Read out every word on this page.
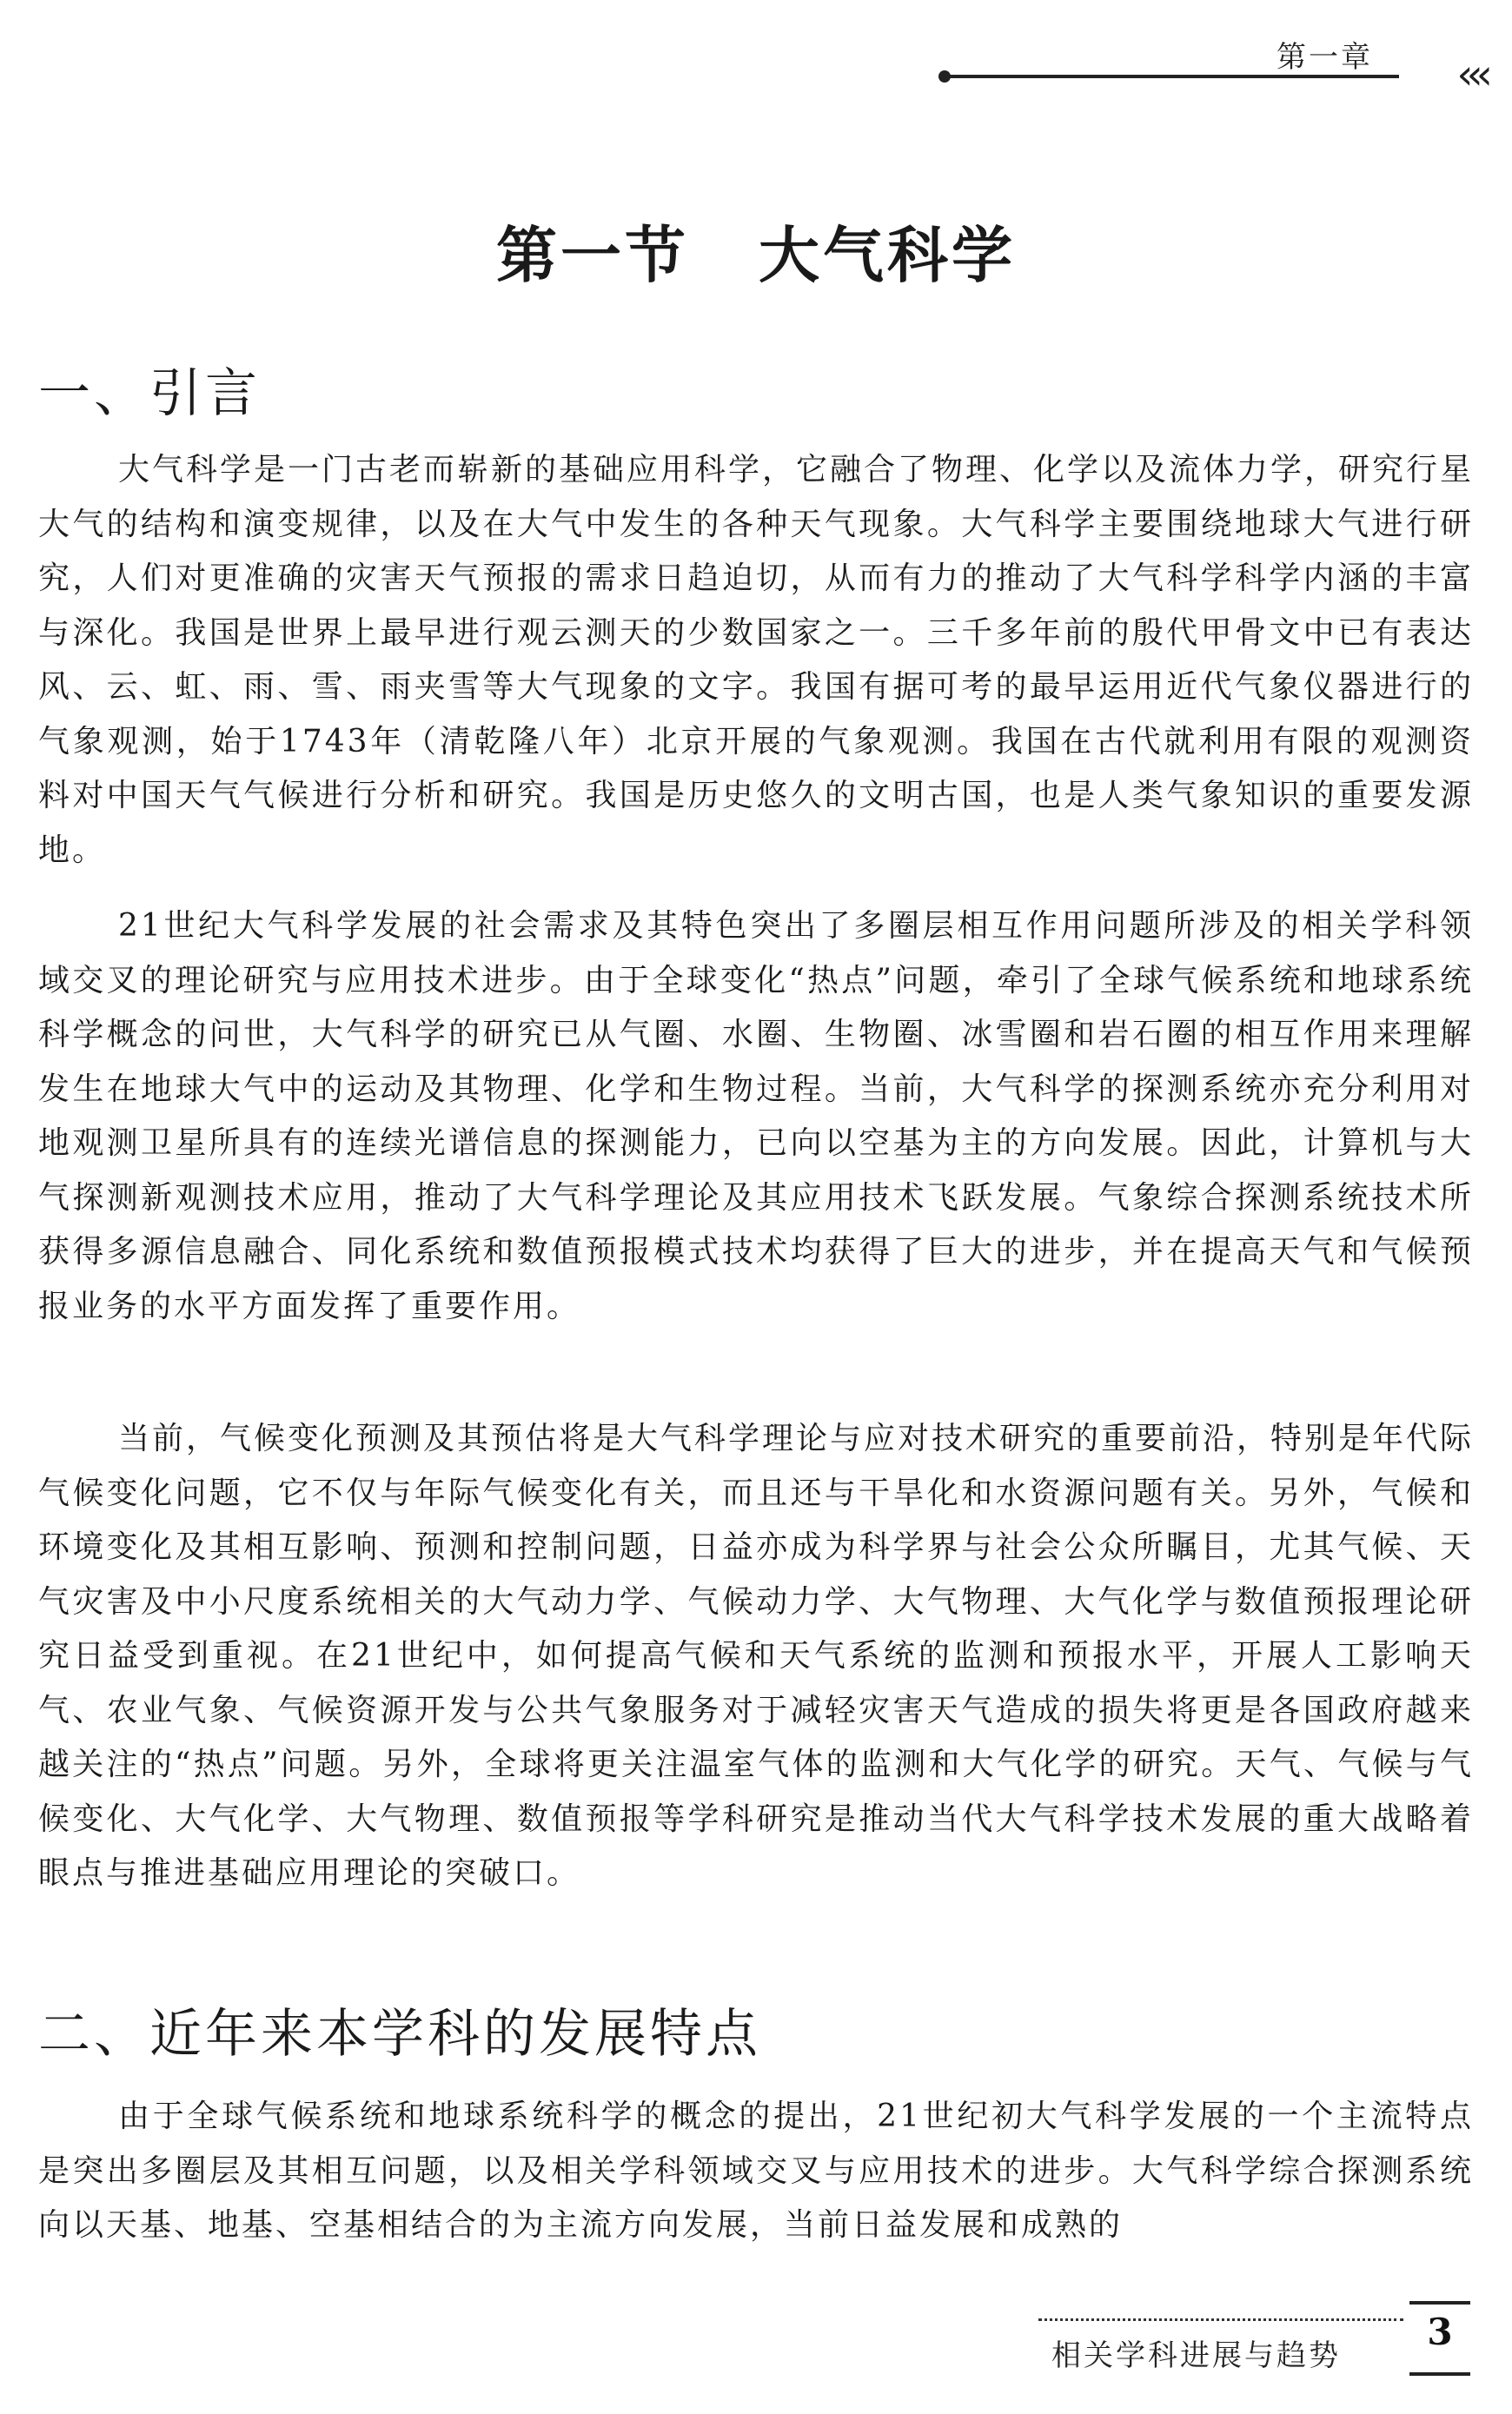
第一章 ‹‹‹
第一节 大气科学
一、引言

大气科学是一门古老而崭新的基础应用科学，它融合了物理、化学以及流体力学，研究行星大气的结构和演变规律，以及在大气中发生的各种天气现象。大气科学主要围绕地球大气进行研究，人们对更准确的灾害天气预报的需求日趋迫切，从而有力的推动了大气科学科学内涵的丰富与深化。我国是世界上最早进行观云测天的少数国家之一。三千多年前的殷代甲骨文中已有表达风、云、虹、雨、雪、雨夹雪等大气现象的文字。我国有据可考的最早运用近代气象仪器进行的气象观测，始于1743年（清乾隆八年）北京开展的气象观测。我国在古代就利用有限的观测资料对中国天气气候进行分析和研究。我国是历史悠久的文明古国，也是人类气象知识的重要发源地。

21世纪大气科学发展的社会需求及其特色突出了多圈层相互作用问题所涉及的相关学科领域交叉的理论研究与应用技术进步。由于全球变化“热点”问题，牵引了全球气候系统和地球系统科学概念的问世，大气科学的研究已从气圈、水圈、生物圈、冰雪圈和岩石圈的相互作用来理解发生在地球大气中的运动及其物理、化学和生物过程。当前，大气科学的探测系统亦充分利用对地观测卫星所具有的连续光谱信息的探测能力，已向以空基为主的方向发展。因此，计算机与大气探测新观测技术应用，推动了大气科学理论及其应用技术飞跃发展。气象综合探测系统技术所获得多源信息融合、同化系统和数值预报模式技术均获得了巨大的进步，并在提高天气和气候预报业务的水平方面发挥了重要作用。

当前，气候变化预测及其预估将是大气科学理论与应对技术研究的重要前沿，特别是年代际气候变化问题，它不仅与年际气候变化有关，而且还与干旱化和水资源问题有关。另外，气候和环境变化及其相互影响、预测和控制问题，日益亦成为科学界与社会公众所瞩目，尤其气候、天气灾害及中小尺度系统相关的大气动力学、气候动力学、大气物理、大气化学与数值预报理论研究日益受到重视。在21世纪中，如何提高气候和天气系统的监测和预报水平，开展人工影响天气、农业气象、气候资源开发与公共气象服务对于减轻灾害天气造成的损失将更是各国政府越来越关注的“热点”问题。另外，全球将更关注温室气体的监测和大气化学的研究。天气、气候与气候变化、大气化学、大气物理、数值预报等学科研究是推动当代大气科学技术发展的重大战略着眼点与推进基础应用理论的突破口。

二、近年来本学科的发展特点

由于全球气候系统和地球系统科学的概念的提出，21世纪初大气科学发展的一个主流特点是突出多圈层及其相互问题，以及相关学科领域交叉与应用技术的进步。大气科学综合探测系统向以天基、地基、空基相结合的为主流方向发展，当前日益发展和成熟的

相关学科进展与趋势
3
